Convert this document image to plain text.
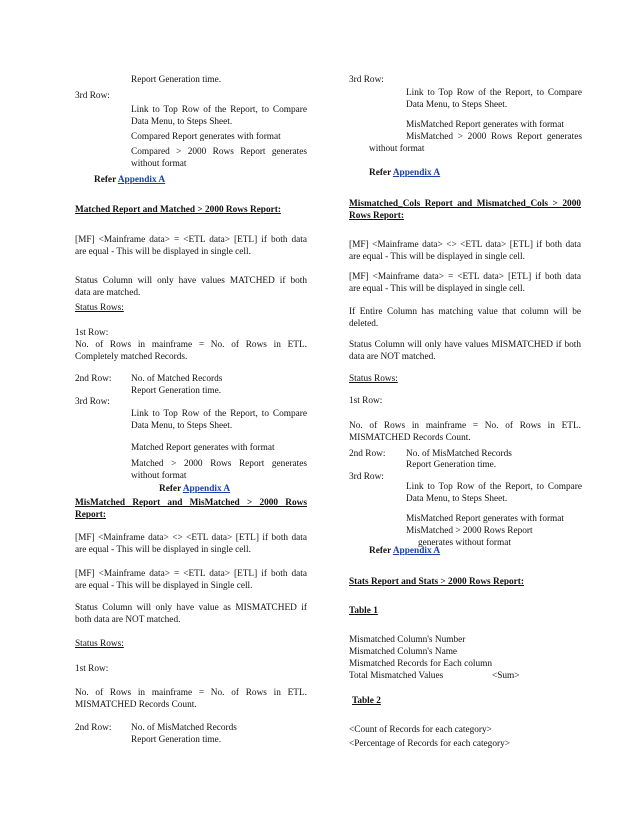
Report Generation time.
3rd Row:
Link to Top Row of the Report, to Compare
Data Menu, to Steps Sheet.
Compared Report generates with format
Compared > 2000 Rows Report generates
without format
Refer Appendix A
Matched Report and Matched > 2000 Rows Report:
[MF] <Mainframe data> = <ETL data> [ETL] if both data
are equal - This will be displayed in single cell.
Status Column will only have values MATCHED if both
data are matched.
Status Rows:
1st Row:
No. of Rows in mainframe = No. of Rows in ETL.
Completely matched Records.
2nd Row: No. of Matched Records
Report Generation time.
3rd Row:
Link to Top Row of the Report, to Compare
Data Menu, to Steps Sheet.
Matched Report generates with format
Matched > 2000 Rows Report generates
without format
Refer Appendix A
MisMatched Report and MisMatched > 2000 Rows
Report:
[MF] <Mainframe data> <> <ETL data> [ETL] if both data
are equal - This will be displayed in single cell.
[MF] <Mainframe data> = <ETL data> [ETL] if both data
are equal - This will be displayed in Single cell.
Status Column will only have value as MISMATCHED if
both data are NOT matched.
Status Rows:
1st Row:
No. of Rows in mainframe = No. of Rows in ETL.
MISMATCHED Records Count.
2nd Row: No. of MisMatched Records
Report Generation time.
3rd Row:
Link to Top Row of the Report, to Compare
Data Menu, to Steps Sheet.
MisMatched Report generates with format
MisMatched > 2000 Rows Report generates
without format
Refer Appendix A
Mismatched_Cols Report and Mismatched_Cols > 2000
Rows Report:
[MF] <Mainframe data> <> <ETL data> [ETL] if both data
are equal - This will be displayed in single cell.
[MF] <Mainframe data> = <ETL data> [ETL] if both data
are equal - This will be displayed in single cell.
If Entire Column has matching value that column will be
deleted.
Status Column will only have values MISMATCHED if both
data are NOT matched.
Status Rows:
1st Row:
No. of Rows in mainframe = No. of Rows in ETL.
MISMATCHED Records Count.
2nd Row: No. of MisMatched Records
Report Generation time.
3rd Row:
Link to Top Row of the Report, to Compare
Data Menu, to Steps Sheet.
MisMatched Report generates with format
MisMatched > 2000 Rows Report
generates without format
Refer Appendix A
Stats Report and Stats > 2000 Rows Report:
Table 1
Mismatched Column's Number
Mismatched Column's Name
Mismatched Records for Each column
Total Mismatched Values	<Sum>
Table 2
<Count of Records for each category>
<Percentage of Records for each category>
